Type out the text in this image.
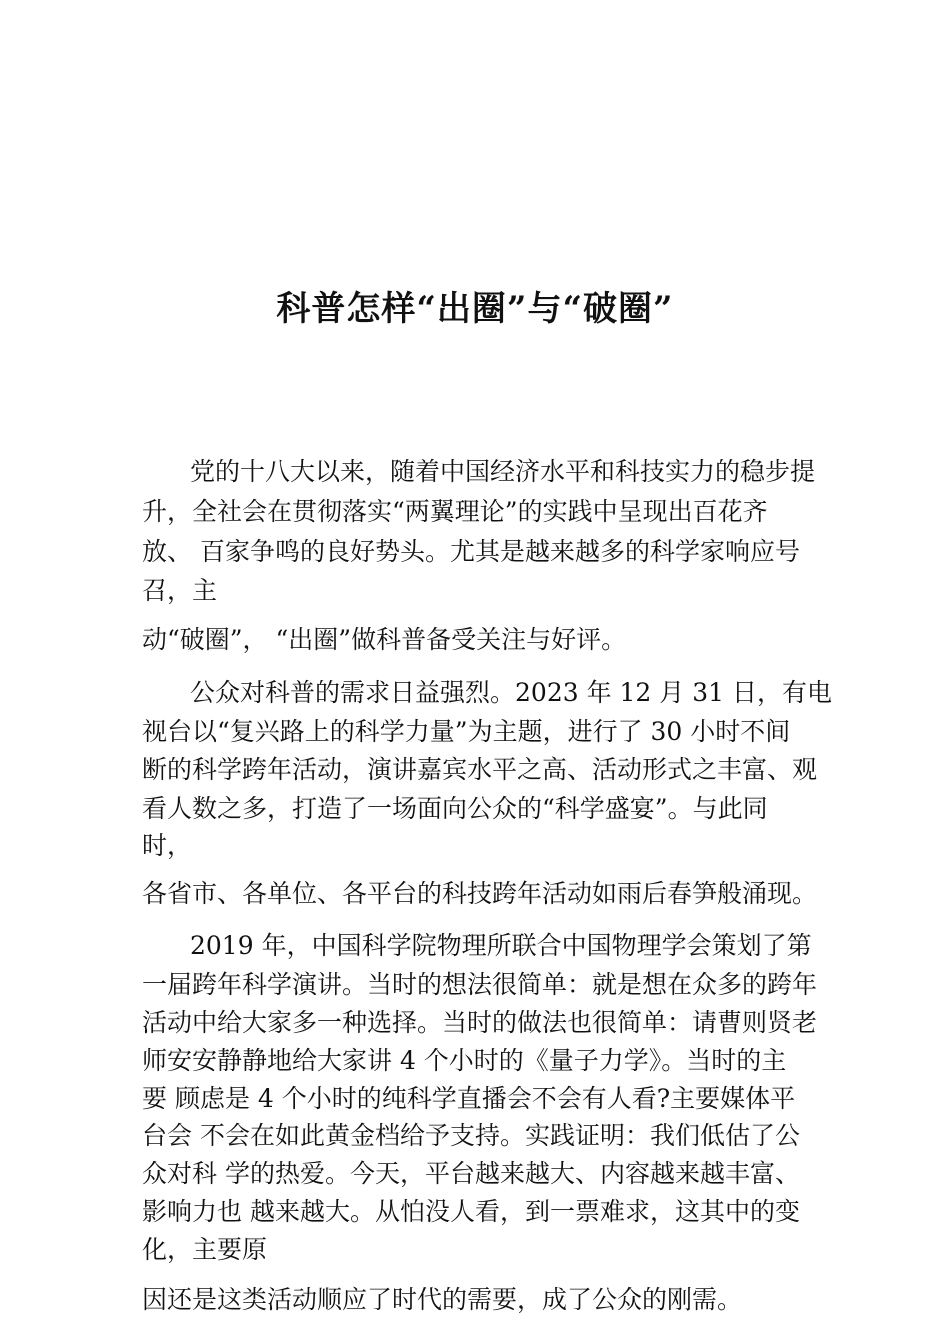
科普怎样“出圈”与“破圈”

党的十八大以来，随着中国经济水平和科技实力的稳步提

升，全社会在贯彻落实“两翼理论”的实践中呈现出百花齐

放、 百家争鸣的良好势头。尤其是越来越多的科学家响应号

召，主

动“破圈”， “出圈”做科普备受关注与好评。

公众对科普的需求日益强烈。2023 年 12 月 31 日，有电

视台以“复兴路上的科学力量”为主题，进行了 30 小时不间

断的科学跨年活动，演讲嘉宾水平之高、活动形式之丰富、观

看人数之多，打造了一场面向公众的“科学盛宴”。与此同

时，

各省市、各单位、各平台的科技跨年活动如雨后春笋般涌现。

2019 年，中国科学院物理所联合中国物理学会策划了第

一届跨年科学演讲。当时的想法很简单：就是想在众多的跨年

活动中给大家多一种选择。当时的做法也很简单：请曹则贤老

师安安静静地给大家讲 4 个小时的《量子力学》。当时的主

要 顾虑是 4 个小时的纯科学直播会不会有人看?主要媒体平

台会 不会在如此黄金档给予支持。实践证明：我们低估了公

众对科 学的热爱。今天，平台越来越大、内容越来越丰富、

影响力也 越来越大。从怕没人看，到一票难求，这其中的变

化，主要原

因还是这类活动顺应了时代的需要，成了公众的刚需。
